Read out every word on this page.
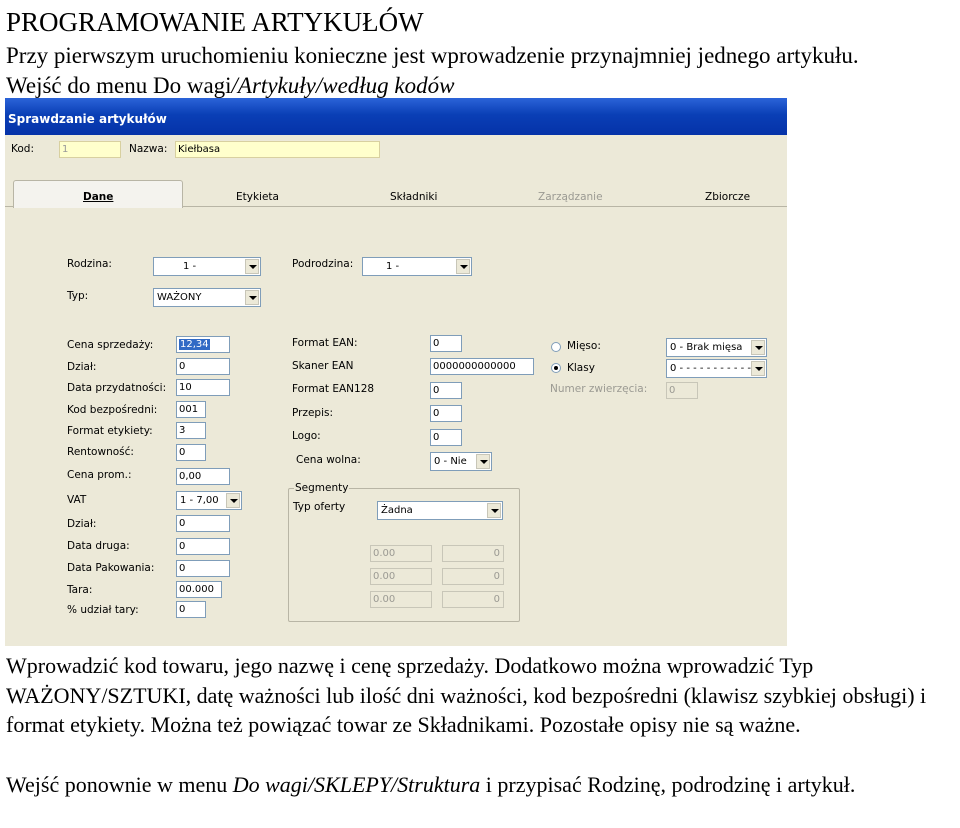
PROGRAMOWANIE ARTYKUŁÓW
Przy pierwszym uruchomieniu konieczne jest wprowadzenie przynajmniej jednego artykułu.
Wejść do menu Do wagi/Artykuły/według kodów
Sprawdzanie artykułów
Kod:	1	Nazwa:	Kiełbasa
Dane	Etykieta	Składniki	Zarządzanie	Zbiorcze
Rodzina:	1 -	Podrodzina:	1 -
Typ:	WAŻONY
Cena sprzedaży:	12,34
Dział:	0
Data przydatności:	10
Kod bezpośredni:	001
Format etykiety:	3
Rentowność:	0
Cena prom.:	0,00
VAT	1 - 7,00
Dział:	0
Data druga:	0
Data Pakowania:	0
Tara:	00.000
% udział tary:	0
Format EAN:	0
Skaner EAN	0000000000000
Format EAN128	0
Przepis:	0
Logo:	0
Cena wolna:	0 - Nie
Segmenty
Typ oferty	Żadna
0.00	0
0.00	0
0.00	0
Mięso:	0 - Brak mięsa
Klasy	0 - - - - - - - - - - -
Numer zwierzęcia:	0
Wprowadzić kod towaru, jego nazwę i cenę sprzedaży. Dodatkowo można wprowadzić Typ WAŻONY/SZTUKI, datę ważności lub ilość dni ważności, kod bezpośredni (klawisz szybkiej obsługi) i format etykiety. Można też powiązać towar ze Składnikami. Pozostałe opisy nie są ważne.
Wejść ponownie w menu Do wagi/SKLEPY/Struktura i przypisać Rodzinę, podrodzinę i artykuł.
